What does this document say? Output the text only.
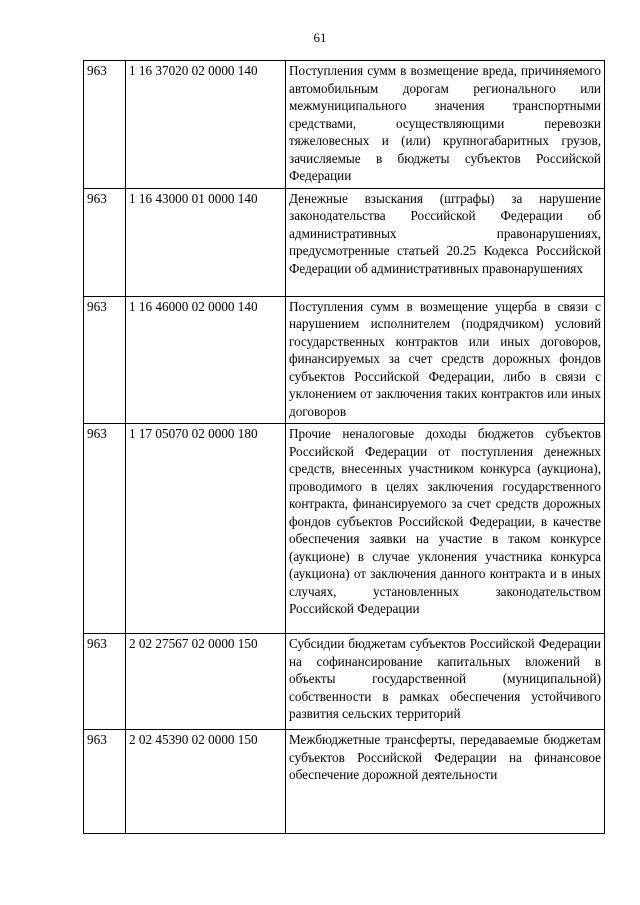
61
963	1 16 37020 02 0000 140	Поступления сумм в возмещение вреда, причиняемого автомобильным дорогам регионального или межмуниципального значения транспортными средствами, осуществляющими перевозки тяжеловесных и (или) крупногабаритных грузов, зачисляемые в бюджеты субъектов Российской Федерации
963	1 16 43000 01 0000 140	Денежные взыскания (штрафы) за нарушение законодательства Российской Федерации об административных правонарушениях, предусмотренные статьей 20.25 Кодекса Российской Федерации об административных правонарушениях
963	1 16 46000 02 0000 140	Поступления сумм в возмещение ущерба в связи с нарушением исполнителем (подрядчиком) условий государственных контрактов или иных договоров, финансируемых за счет средств дорожных фондов субъектов Российской Федерации, либо в связи с уклонением от заключения таких контрактов или иных договоров
963	1 17 05070 02 0000 180	Прочие неналоговые доходы бюджетов субъектов Российской Федерации от поступления денежных средств, внесенных участником конкурса (аукциона), проводимого в целях заключения государственного контракта, финансируемого за счет средств дорожных фондов субъектов Российской Федерации, в качестве обеспечения заявки на участие в таком конкурсе (аукционе) в случае уклонения участника конкурса (аукциона) от заключения данного контракта и в иных случаях, установленных законодательством Российской Федерации
963	2 02 27567 02 0000 150	Субсидии бюджетам субъектов Российской Федерации на софинансирование капитальных вложений в объекты государственной (муниципальной) собственности в рамках обеспечения устойчивого развития сельских территорий
963	2 02 45390 02 0000 150	Межбюджетные трансферты, передаваемые бюджетам субъектов Российской Федерации на финансовое обеспечение дорожной деятельности
